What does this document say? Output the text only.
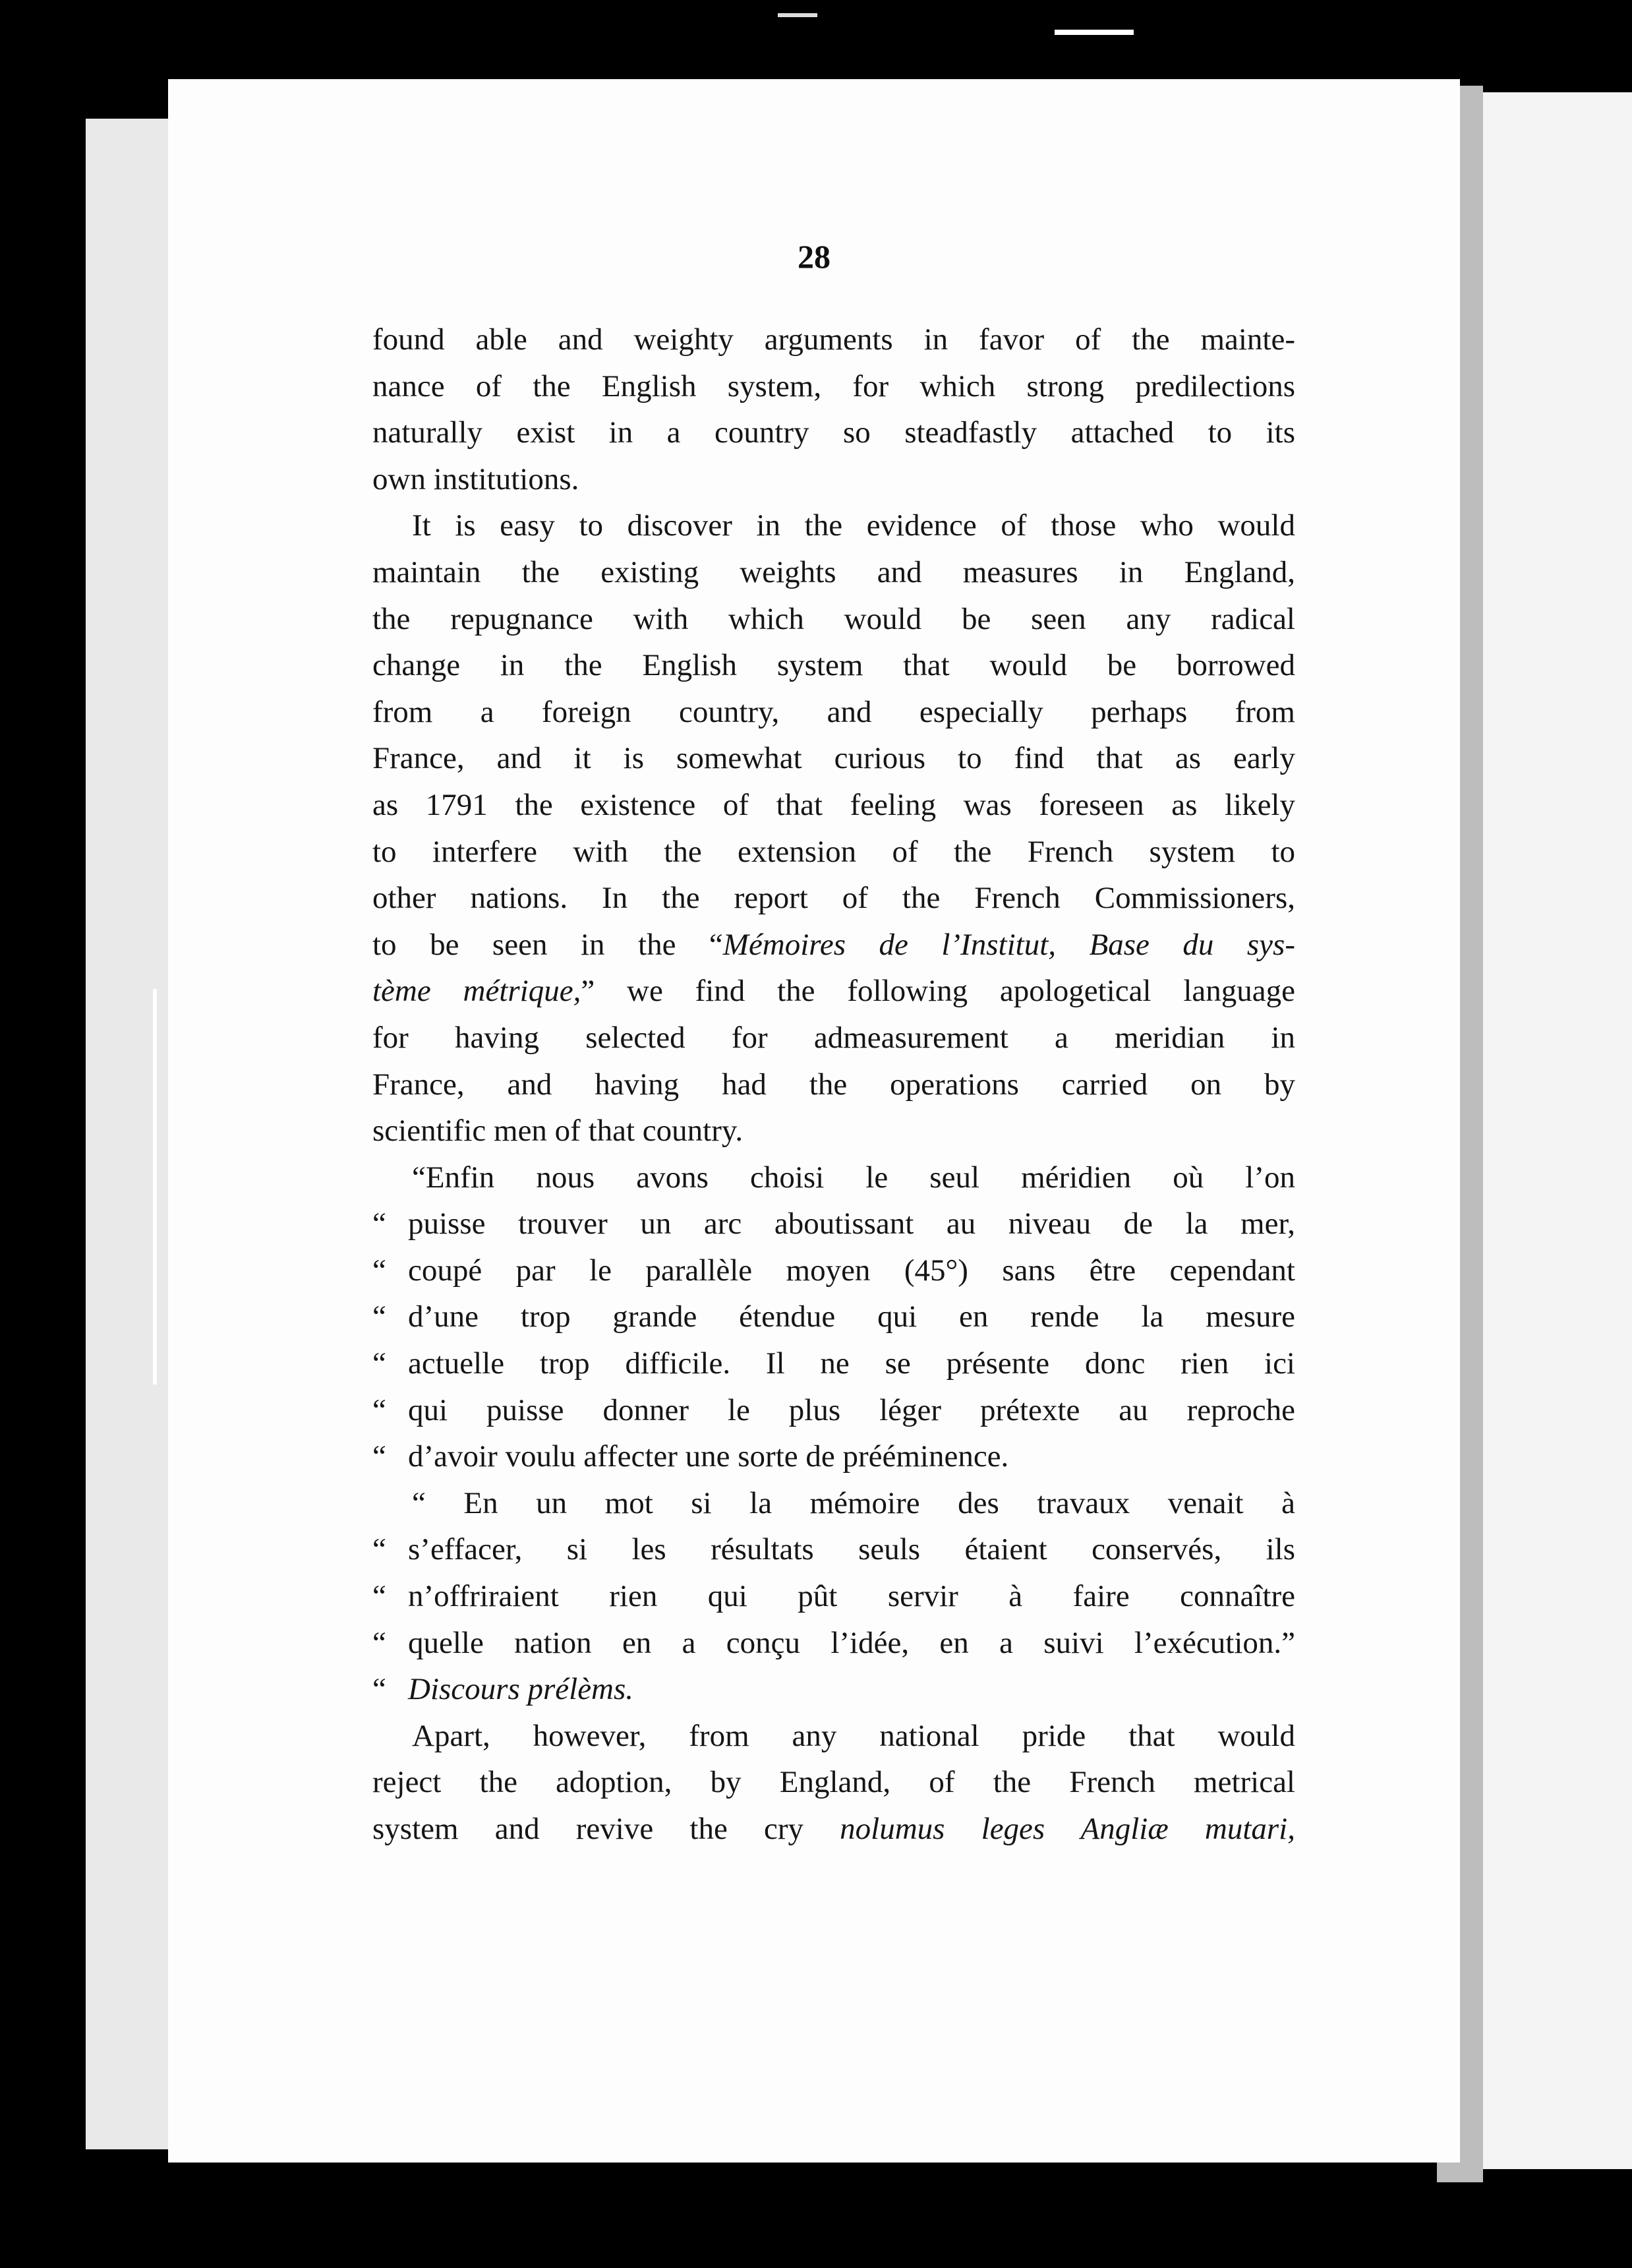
28
found able and weighty arguments in favor of the mainte-
nance of the English system, for which strong predilections
naturally exist in a country so steadfastly attached to its
own institutions.
It is easy to discover in the evidence of those who would
maintain the existing weights and measures in England,
the repugnance with which would be seen any radical
change in the English system that would be borrowed
from a foreign country, and especially perhaps from
France, and it is somewhat curious to find that as early
as 1791 the existence of that feeling was foreseen as likely
to interfere with the extension of the French system to
other nations. In the report of the French Commissioners,
to be seen in the “Mémoires de l’Institut, Base du sys-
tème métrique,” we find the following apologetical language
for having selected for admeasurement a meridian in
France, and having had the operations carried on by
scientific men of that country.
“Enfin nous avons choisi le seul méridien où l’on
“ puisse trouver un arc aboutissant au niveau de la mer,
“ coupé par le parallèle moyen (45°) sans être cependant
“ d’une trop grande étendue qui en rende la mesure
“ actuelle trop difficile. Il ne se présente donc rien ici
“ qui puisse donner le plus léger prétexte au reproche
“ d’avoir voulu affecter une sorte de prééminence.
“ En un mot si la mémoire des travaux venait à
“ s’effacer, si les résultats seuls étaient conservés, ils
“ n’offriraient rien qui pût servir à faire connaître
“ quelle nation en a conçu l’idée, en a suivi l’exécution.”
“ Discours prélèms.
Apart, however, from any national pride that would
reject the adoption, by England, of the French metrical
system and revive the cry nolumus leges Angliæ mutari,
